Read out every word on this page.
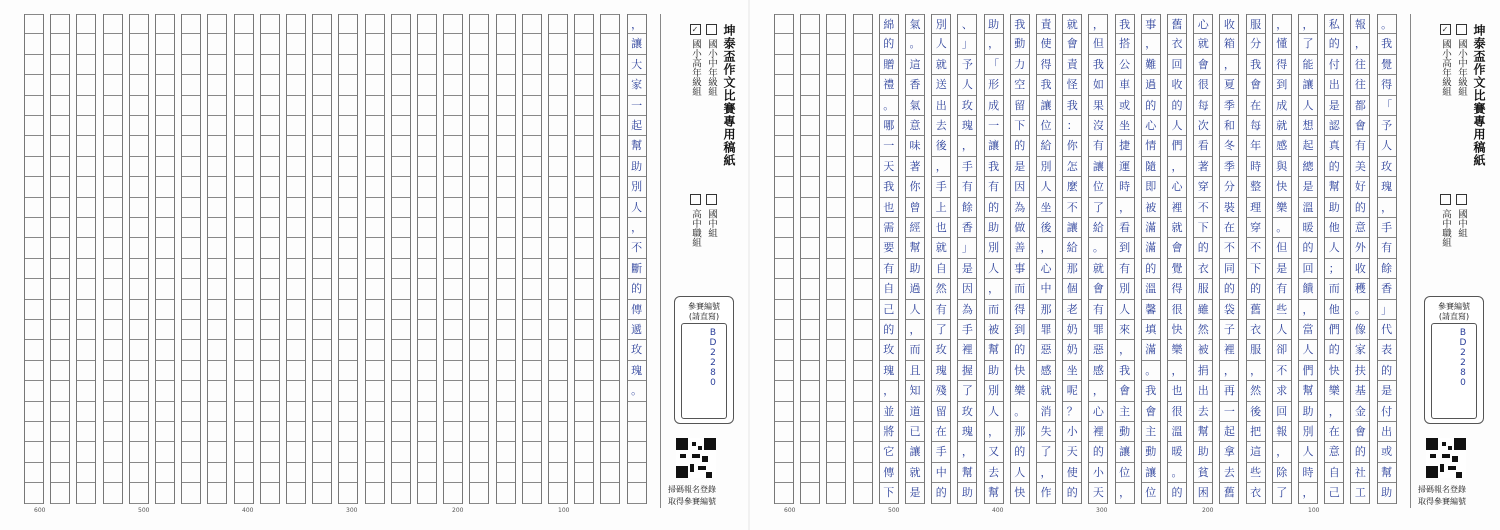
，
讓
大
家
一
起
幫
助
別
人
，
不
斷
的
傳
遞
玫
瑰
。
坤泰盃作文比賽專用稿紙
國小中年級組
✓
國小高年級組
國中組
高中職組
參賽編號
(請直寫)
BD2280
掃碼報名登錄
取得參賽編號
600	500	400	300	200	100
。
我
覺
得
「
予
人
玫
瑰
，
手
有
餘
香
」
代
表
的
是
付
出
或
幫
助
報
，
往
往
都
會
有
美
好
的
意
外
收
穫
。
像
家
扶
基
金
會
的
社
工
私
的
付
出
是
認
真
的
幫
助
他
人
；
而
他
們
的
快
樂
，
在
意
自
己
，
了
能
讓
人
想
起
總
是
溫
暖
的
回
饋
，
當
人
們
幫
助
別
人
時
，
，
懂
得
到
成
就
感
與
快
樂
。
但
是
有
些
人
卻
不
求
回
報
，
除
了
服
分
我
會
在
每
年
時
整
理
穿
不
下
的
舊
衣
服
，
然
後
把
這
些
衣
收
箱
，
夏
季
和
冬
季
分
裝
在
不
同
的
袋
子
裡
，
再
一
起
拿
去
舊
心
就
會
很
每
次
看
著
穿
不
下
的
衣
服
雖
然
被
捐
出
去
幫
助
貧
困
舊
衣
回
收
的
人
們
，
心
裡
就
會
覺
得
很
快
樂
，
也
很
溫
暖
。
的
事
，
難
過
的
心
情
隨
即
被
滿
滿
的
溫
馨
填
滿
。
我
會
主
動
讓
位
我
搭
公
車
或
坐
捷
運
時
，
看
到
有
別
人
來
，
我
會
主
動
讓
位
，
，
但
我
如
果
沒
有
讓
位
了
給
。
就
會
有
罪
惡
感
，
心
裡
的
小
天
就
會
責
怪
我
：
你
怎
麼
不
讓
給
那
個
老
奶
奶
坐
呢
？
小
天
使
的
責
使
得
我
讓
位
給
別
人
坐
後
，
心
中
那
罪
惡
感
就
消
失
了
，
作
我
動
力
空
留
下
的
是
因
為
做
善
事
而
得
到
的
快
樂
。
那
的
人
快
助
，
「
形
成
一
讓
我
有
的
助
別
人
，
而
被
幫
助
別
人
，
又
去
幫
、
」
予
人
玫
瑰
，
手
有
餘
香
」
是
因
為
手
裡
握
了
玫
瑰
，
幫
助
別
人
就
送
出
去
後
，
手
上
也
就
自
然
有
了
玫
瑰
殘
留
在
手
中
的
氣
。
這
香
氣
意
味
著
你
曾
經
幫
助
過
人
，
而
且
知
道
已
讓
就
是
綿
的
贈
禮
。
哪
一
天
我
也
需
要
有
自
己
的
玫
瑰
，
並
將
它
傳
下
坤泰盃作文比賽專用稿紙
國小中年級組
✓
國小高年級組
國中組
高中職組
參賽編號
(請直寫)
BD2280
掃碼報名登錄
取得參賽編號
600	500	400	300	200	100
